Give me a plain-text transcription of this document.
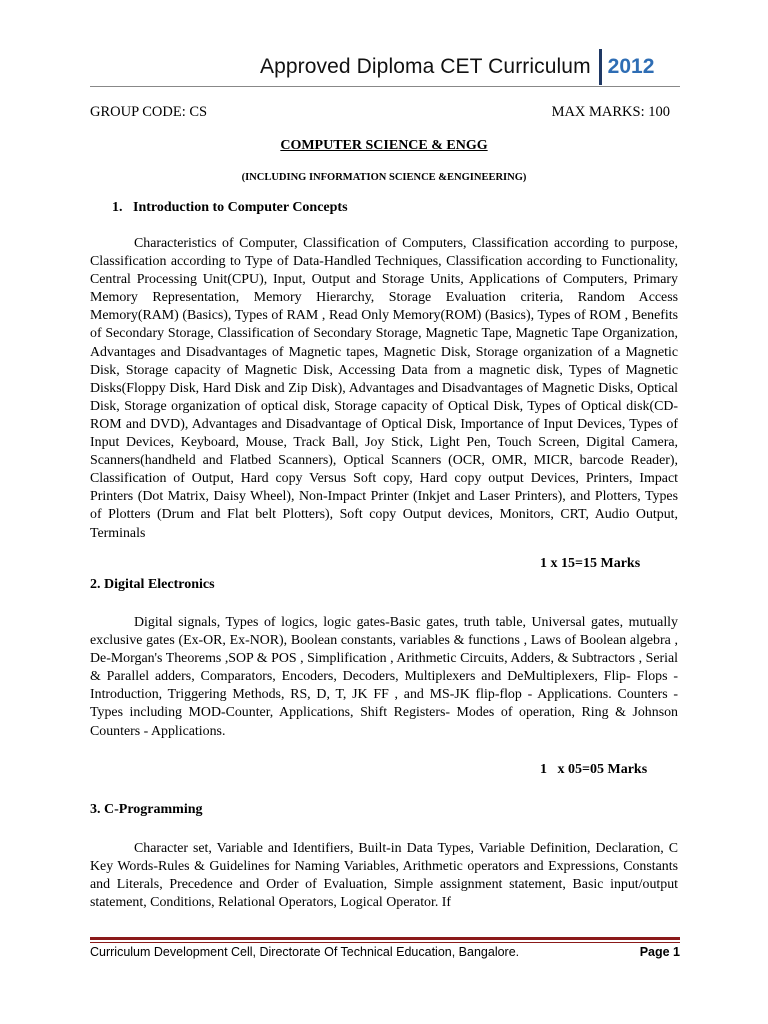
Approved Diploma CET Curriculum 2012
GROUP CODE: CS	MAX MARKS: 100
COMPUTER SCIENCE & ENGG
(INCLUDING INFORMATION SCIENCE &ENGINEERING)
1.   Introduction to Computer Concepts
Characteristics of Computer, Classification of Computers, Classification according to purpose, Classification according to Type of Data-Handled Techniques, Classification according to Functionality, Central Processing Unit(CPU), Input, Output and Storage Units, Applications of Computers, Primary Memory Representation, Memory Hierarchy, Storage Evaluation criteria, Random Access Memory(RAM) (Basics), Types of RAM , Read Only Memory(ROM) (Basics), Types of ROM , Benefits of Secondary Storage, Classification of Secondary Storage, Magnetic Tape, Magnetic Tape Organization, Advantages and Disadvantages of Magnetic tapes, Magnetic Disk, Storage organization of a Magnetic Disk, Storage capacity of Magnetic Disk, Accessing Data from a magnetic disk, Types of Magnetic Disks(Floppy Disk, Hard Disk and Zip Disk), Advantages and Disadvantages of Magnetic Disks, Optical Disk, Storage organization of optical disk, Storage capacity of Optical Disk, Types of Optical disk(CD-ROM and DVD), Advantages and Disadvantage of Optical Disk, Importance of Input Devices, Types of Input Devices, Keyboard, Mouse, Track Ball, Joy Stick, Light Pen, Touch Screen, Digital Camera, Scanners(handheld and Flatbed Scanners), Optical Scanners (OCR, OMR, MICR, barcode Reader), Classification of Output, Hard copy Versus Soft copy, Hard copy output Devices, Printers, Impact Printers (Dot Matrix, Daisy Wheel), Non-Impact Printer (Inkjet and Laser Printers), and Plotters, Types of Plotters (Drum and Flat belt Plotters), Soft copy Output devices, Monitors, CRT, Audio Output, Terminals
1 x 15=15 Marks
2. Digital Electronics
Digital signals, Types of logics, logic gates-Basic gates, truth table, Universal gates, mutually exclusive gates (Ex-OR, Ex-NOR), Boolean constants, variables & functions , Laws of Boolean algebra , De-Morgan's Theorems ,SOP & POS , Simplification , Arithmetic Circuits, Adders, & Subtractors , Serial & Parallel adders, Comparators, Encoders, Decoders, Multiplexers and DeMultiplexers, Flip- Flops - Introduction, Triggering Methods, RS, D, T, JK FF , and MS-JK flip-flop - Applications. Counters - Types including MOD-Counter, Applications, Shift Registers- Modes of operation, Ring & Johnson Counters - Applications.
1   x 05=05 Marks
3. C-Programming
Character set, Variable and Identifiers, Built-in Data Types, Variable Definition, Declaration, C Key Words-Rules & Guidelines for Naming Variables, Arithmetic operators and Expressions, Constants and Literals, Precedence and Order of Evaluation, Simple assignment statement, Basic input/output statement, Conditions, Relational Operators, Logical Operator. If
Curriculum Development Cell, Directorate Of Technical Education, Bangalore.	Page 1
